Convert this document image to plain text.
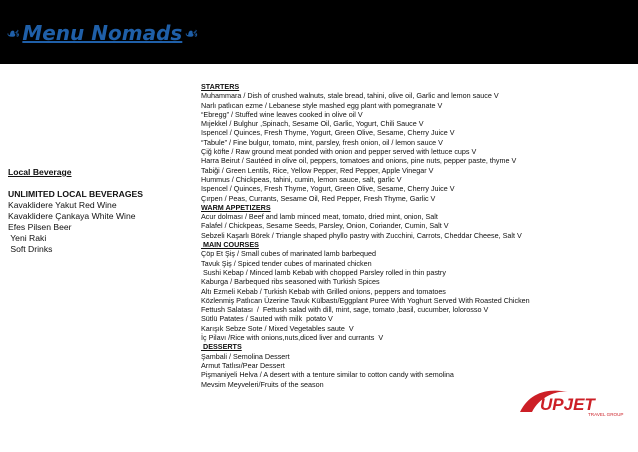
☙ Menu Nomads ☙
Local Beverage
UNLIMITED LOCAL BEVERAGES
Kavaklidere Yakut Red Wine
Kavaklidere Çankaya White Wine
Efes Pilsen Beer
Yeni Raki
Soft Drinks
STARTERS
Muhammara / Dish of crushed walnuts, stale bread, tahini, olive oil, Garlic and lemon sauce V
Narlı patlıcan ezme / Lebanese style mashed egg plant with pomegranate V
“Ebregg” / Stuffed wine leaves cooked in olive oil V
Mıjekkel / Bulghur ,Spinach, Sesame Oil, Garlic, Yogurt, Chili Sauce V
Ispencel / Quinces, Fresh Thyme, Yogurt, Green Olive, Sesame, Cherry Juice V
“Tabule” / Fine bulgur, tomato, mint, parsley, fresh onion, oil / lemon sauce V
Çiğ köfte / Raw ground meat ponded with onion and pepper served with lettuce cups V
Harra Beirut / Sautéed in olive oil, peppers, tomatoes and onions, pine nuts, pepper paste, thyme V
Tabiği / Green Lentils, Rice, Yellow Pepper, Red Pepper, Apple Vinegar V
Hummus / Chickpeas, tahini, cumin, lemon sauce, salt, garlic V
Ispencel / Quinces, Fresh Thyme, Yogurt, Green Olive, Sesame, Cherry Juice V
Çırpen / Peas, Currants, Sesame Oil, Red Pepper, Fresh Thyme, Garlic V
WARM APPETIZERS
Acur dolması / Beef and lamb minced meat, tomato, dried mint, onion, Salt
Falafel / Chickpeas, Sesame Seeds, Parsley, Onion, Coriander, Cumin, Salt V
Sebzeli Kaşarlı Börek / Triangle shaped phyllo pastry with Zucchini, Carrots, Cheddar Cheese, Salt V
MAIN COURSES
Çöp Et Şiş / Small cubes of marinated lamb barbequed
Tavuk Şiş / Spiced tender cubes of marinated chicken
Sushi Kebap / Minced lamb Kebab with chopped Parsley rolled in thin pastry
Kaburga / Barbequed ribs seasoned with Turkish Spices
Altı Ezmeli Kebab / Turkish Kebab with Grilled onions, peppers and tomatoes
Közlenmiş Patlıcan Üzerine Tavuk Külbastı/Eggplant Puree With Yoghurt Served With Roasted Chicken
Fettush Salatası  /  Fettush salad with dill, mint, sage, tomato ,basil, cucumber, lolorosso V
Sütlü Patates / Sauted with milk  potato V
Karışık Sebze Sote / Mixed Vegetables saute  V
İç Pilavı /Rice with onions,nuts,diced liver and currants  V
DESSERTS
Şambali / Semolina Dessert
Armut Tatlısı/Pear Dessert
Pişmaniyeli Helva / A desert with a tenture similar to cotton candy with semolina
Mevsim Meyveleri/Fruits of the season
UPJET
TRAVEL GROUP
